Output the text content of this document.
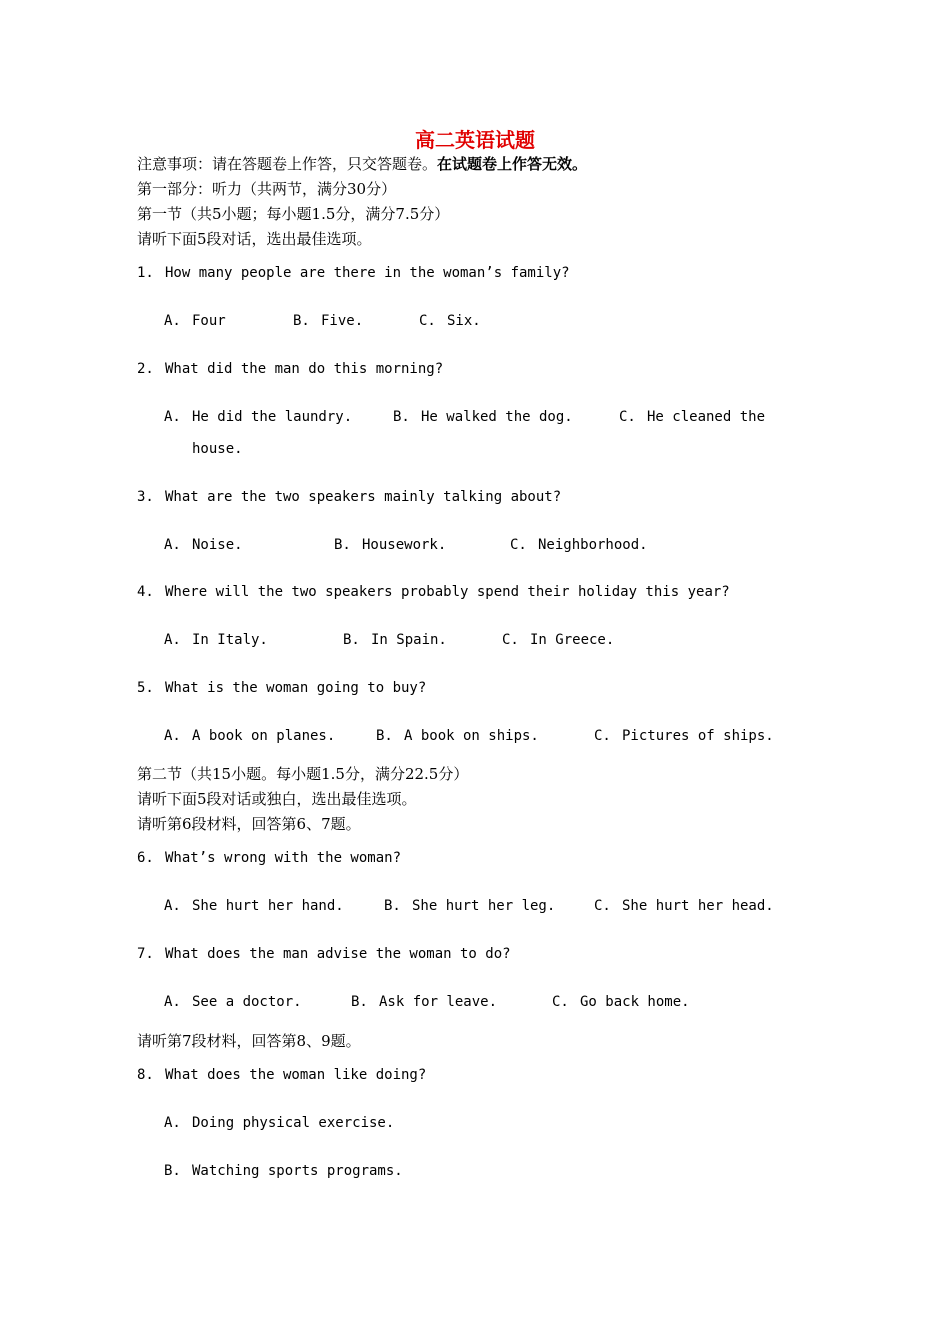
高二英语试题
注意事项：请在答题卷上作答，只交答题卷。在试题卷上作答无效。
第一部分：听力（共两节，满分30分）
第一节（共5小题；每小题1.5分，满分7.5分）
请听下面5段对话，选出最佳选项。
1. How many people are there in the woman’s family?
A. Four	B. Five.	C. Six.
2. What did the man do this morning?
A. He did the laundry.	B. He walked the dog.	C. He cleaned the
house.
3. What are the two speakers mainly talking about?
A. Noise.	B. Housework.	C. Neighborhood.
4. Where will the two speakers probably spend their holiday this year?
A. In Italy.	B. In Spain.	C. In Greece.
5. What is the woman going to buy?
A. A book on planes.	B. A book on ships.	C. Pictures of ships.
第二节（共15小题。每小题1.5分，满分22.5分）
请听下面5段对话或独白，选出最佳选项。
请听第6段材料，回答第6、7题。
6. What’s wrong with the woman?
A. She hurt her hand.	B. She hurt her leg.	C. She hurt her head.
7. What does the man advise the woman to do?
A. See a doctor.	B. Ask for leave.	C. Go back home.
请听第7段材料，回答第8、9题。
8. What does the woman like doing?
A. Doing physical exercise.
B. Watching sports programs.
